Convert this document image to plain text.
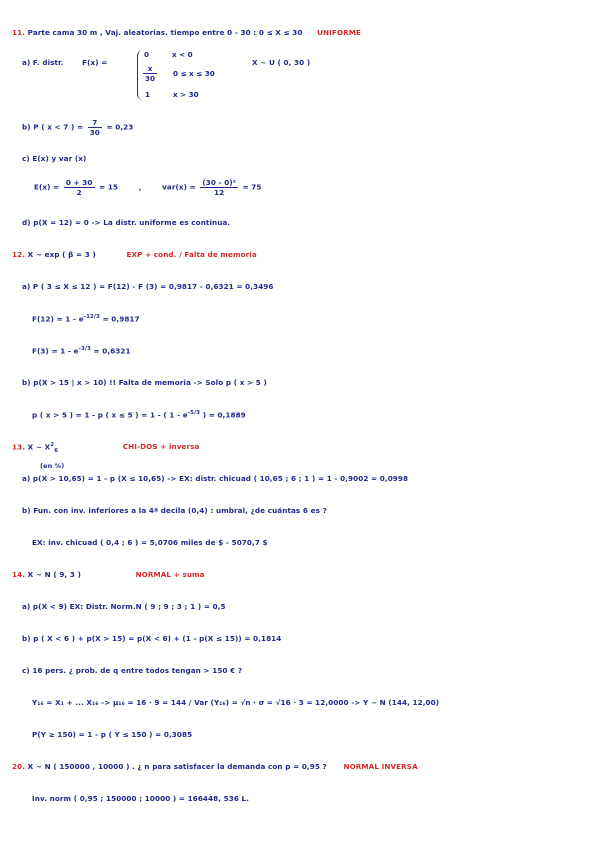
11. Parte cama 30 m , Vaj. aleatorias. tiempo entre 0 - 30 : 0 ≤ X ≤ 30 UNIFORME
a) F. distr.	F(x) =
0	x < 0
$\frac{x}{30} 0 \le x \le 30$
1	x > 30
X ~ U ( 0, 30 )
b) P ( x < 7 ) = $\frac{7}{30} = 0,23$
c) E(x) y var (x)
$E(x) = \frac{0 + 30}{2} = 15$	,	$var(x) = \frac{\text{(30 - 0)²}}{12} = 75$
d) p(X = 12) = 0 -> La distr. uniforme es continua.
12. X ~ exp ( β = 3 )	EXP + cond. / Falta de memoria
a) P ( 3 ≤ X ≤ 12 ) = F(12) - F (3) = 0,9817 - 0,6321 = 0,3496
$F(12) = 1 - e^{-12/3} = 0,9817$
$F(3) = 1 - e^{-3/3} = 0,6321$
b) p(X > 15 | x > 10) !! Falta de memoria -> Solo p ( x > 5 )
p ( x > 5 ) = 1 - p ( x ≤ 5 ) = 1 - ( $1 - e^{-5/3}$ ) = 0,1889
13. X ~ $X^2_6$	CHI-DOS + inversa
(en %)
a) p(X > 10,65) = 1 - p (X ≤ 10,65) -> EX: distr. chicuad ( 10,65 ; 6 ; 1 ) = 1 - 0,9002 = 0,0998
b) Fun. con inv. inferiores a la 4ª decila (0,4) : umbral, ¿de cuántas 6 es ?
EX: inv. chicuad ( 0,4 ; 6 ) = 5,0706 miles de $ - 5070,7 $
14. X ~ N ( 9, 3 )	NORMAL + suma
a) p(X < 9) EX: Distr. Norm.N ( 9 ; 9 ; 3 ; 1 ) = 0,5
b) p ( X < 6 ) + p(X > 15) = p(X < 6) + (1 - p(X ≤ 15)) = 0,1814
c) 16 pers. ¿ prob. de q entre todos tengan > 150 € ?
Y₁₆ = X₁ + ... X₁₆ -> μ₁₆ = 16 · 9 = 144 / Var (Y₁₆) = √n · σ = √16 · 3 = 12,0000 -> Y ~ N (144, 12,00)
P(Y ≥ 150) = 1 - p ( Y ≤ 150 ) = 0,3085
20. X ~ N ( 150000 , 10000 ) . ¿ n para satisfacer la demanda con p = 0,95 ? NORMAL INVERSA
Inv. norm ( 0,95 ; 150000 ; 10000 ) = 166448, 536 L.
